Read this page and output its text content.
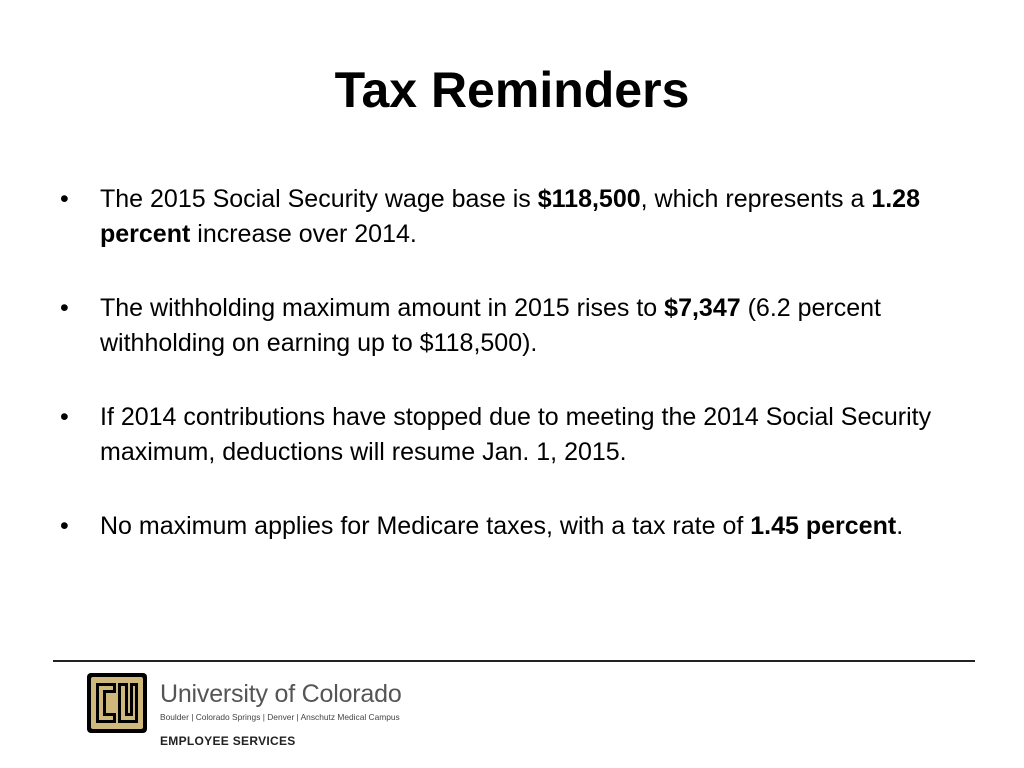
Tax Reminders
• The 2015 Social Security wage base is $118,500, which represents a 1.28 percent increase over 2014.
• The withholding maximum amount in 2015 rises to $7,347 (6.2 percent withholding on earning up to $118,500).
• If 2014 contributions have stopped due to meeting the 2014 Social Security maximum, deductions will resume Jan. 1, 2015.
• No maximum applies for Medicare taxes, with a tax rate of 1.45 percent.
University of Colorado
Boulder | Colorado Springs | Denver | Anschutz Medical Campus
EMPLOYEE SERVICES
